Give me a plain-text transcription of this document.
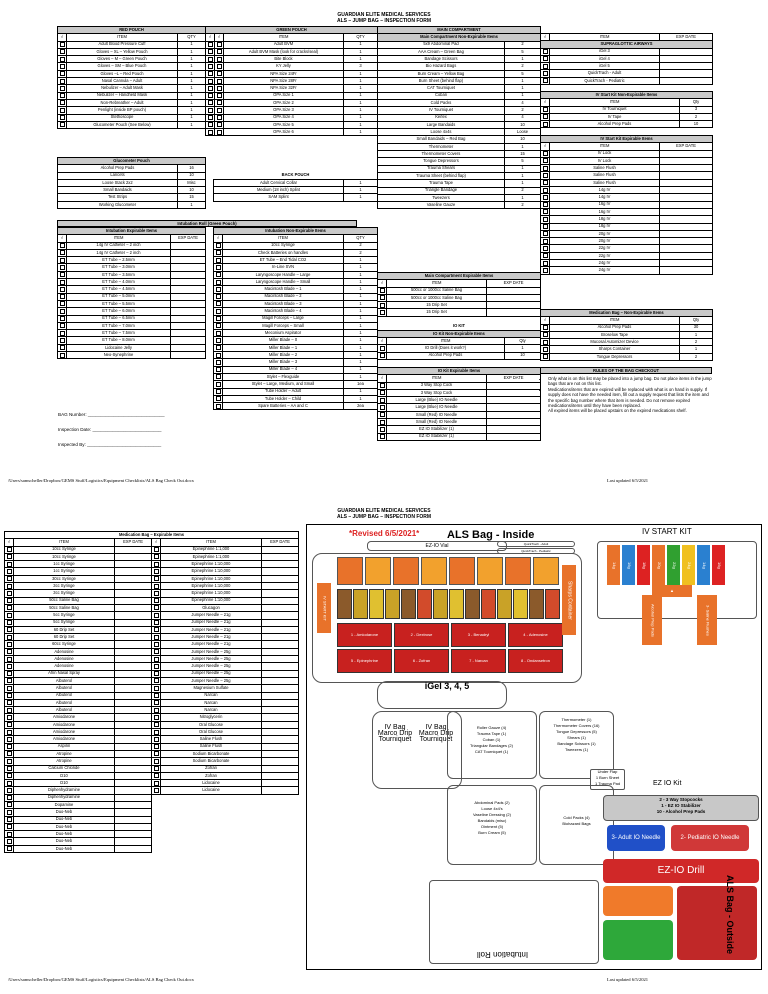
GUARDIAN ELITE MEDICAL SERVICES
ALS – JUMP BAG – INSPECTION FORM
RED POUCH		
√	ITEM	QTY
	Adult Blood Pressure Cuff	1
	Gloves – XL – Yellow Pouch	1
	Gloves – M – Green Pouch	1
	Gloves – SM – Blue Pouch	1
	Gloves –L – Red Pouch	1
	Nasal Cannula – Adult	1
	Nebulizer – Adult Mask	1
	Nebulizer – Handheld Mask	1
	Non-Rebreather – Adult	1
	Penlight (inside BP pouch)	1
	Stethoscope	1
	Glucometer Pouch (See Below)	1
Glucometer Pouch	
Alcohol Prep Pads	16
Lancets	10
Loose Stack 2x2	Misc
Small Bandaids	10
Test Strips	15
Working Glucometer	1
Intubation Roll (Green Pouch)
Intubation Expirable Items		
√	ITEM	EXP DATE
	14g IV Catheter – 2 inch	
	14g IV Catheter – 2 inch	
	ET Tube – 2.5mm	
	ET Tube – 3.0mm	
	ET Tube – 3.5mm	
	ET Tube – 4.0mm	
	ET Tube – 4.5mm	
	ET Tube – 5.0mm	
	ET Tube – 5.5mm	
	ET Tube – 6.0mm	
	ET Tube – 6.5mm	
	ET Tube – 7.0mm	
	ET Tube – 7.5mm	
	ET Tube – 8.0mm	
	Lidocaine Jelly	
	Neo-Synephrine	
BAG Number: ______________________________
Inspection Date: ___________________________
Inspected By: _____________________________
GREEN POUCH			
√	√	ITEM	QTY
		Adult BVM	1
		Adult BVM Mask (look for cracks/seal)	1
		Bite Block	1
		KY Jelly	3
		NPA Size 24Fr	1
		NPA Size 28Fr	1
		NPA Size 32Fr	1
		OPA Size 1	1
		OPA Size 2	1
		OPA Size 3	1
		OPA Size 4	1
		OPA Size 5	1
		OPA Size 6	1
BACK POUCH	
Adult Cervical Collar	1
Medium (18 inch) Splint	1
SAM Splint	1
Intubation Non-Expirable Items		
√	ITEM	QTY
	10cc Syringe	2
	Check Batteries on handles	2
	ET Tube – End Tidal CO2	1
	In-Line SVN	1
	Laryngoscope Handle – Large	1
	Laryngoscope Handle – Small	1
	Macintosh Blade – 1	1
	Macintosh Blade – 2	1
	Macintosh Blade – 3	1
	Macintosh Blade – 4	1
	Magill Forceps – Large	1
	Magill Forceps – Small	1
	Meconium Aspirator	1
	Miller Blade – 0	1
	Miller Blade – 1	1
	Miller Blade – 2	1
	Miller Blade – 3	1
	Miller Blade – 4	1
	Stylet – Flexguide	1
	Stylet – Large, Medium, and Small	1ea
	Tube Holder – Adult	1
	Tube Holder – Child	1
	Spare Batteries – AA and C	2ea
MAIN COMPARTMENT	
Main Compartment Non-Expirable Items	
5x9 Abdominal Pad	2
AAA Cream – Green Bag	5
Bandage Scissors	1
Bio Hazard Bags	2
Burn Cream – Yellow Bag	5
Burn Sheet (behind flap)	1
CAT Tourniquet	1
Coban	1
Cold Packs	4
IV Tourniquet	2
Kerlex	4
Large Bandaids	10
Loose 4x4s	Loose
Small Bandaids – Red Bag	10
Thermometer	1
Thermometer Covers	15
Tongue Depressors	5
Trauma Shears	1
Trauma Sheet (behind flap)	1
Trauma Tape	1
Triangle Bandage	2
Tweezers	1
Vaseline Gauze	2
Main Compartment Expirable Items		
√	ITEM	EXP DATE
	500cc or 1000cc Saline Bag	
	500cc or 1000cc Saline Bag	
	15 Drip Set	
	15 Drip Set	
IO KIT		
IO Kit Non-Expirable Items		
√	ITEM	Qty
	IO Drill (Does it work?)	1
	Alcohol Prep Pads	10
IO Kit Expirable Items		
√	ITEM	EXP DATE
	3 Way Stop Cock	
	3 Way Stop Cock	
	Large (Blue) IO Needle	
	Large (Blue) IO Needle	
	Small (Red) IO Needle	
	Small (Red) IO Needle	
	EZ IO Stabilizer (1)	
	EZ IO Stabilizer (1)	
√	ITEM	EXP DATE
SUPRAGLOTTIC AIRWAYS		
	iGel 3	
	iGel 4	
	iGel 5	
	QuickTrach - Adult	
	QuickTrach - Pediatric	
IV Start Kit Non-Expirable Items		
√	ITEM	Qty
	IV Tourniquet	3
	IV Tape	2
	Alcohol Prep Pads	10
IV Start Kit Expirable Items		
√	ITEM	EXP DATE
	IV Lock	
	IV Lock	
	Saline Flush	
	Saline Flush	
	Saline Flush	
	14g IV	
	14g IV	
	16g IV	
	16g IV	
	18g IV	
	18g IV	
	20g IV	
	20g IV	
	22g IV	
	22g IV	
	24g IV	
	24g IV	
Medication Bag – Non-Expirable Items		
√	ITEM	Qty
	Alcohol Prep Pads	30
	Broselow Tape	1
	Mucosal Automizer Device	2
	Sharps Container	1
	Tongue Depressors	2
RULES OF THE BAG CHECKOUT
• Only what is on this list may be placed into a jump bag. Do not place items in the jump bags that are not on this list.
• Medications/items that are expired will be replaced with what is on hand in supply. If supply does not have the needed item, fill out a supply request that lists the item and the specific bag number where that item is needed. Do not remove expired medications/items until they have been replaced.
• All expired items will be placed upstairs on the expired medications shelf.
/Users/samscheller/Dropbox/GEMS Stuff/Logistics/Equipment Checklists/ALS Bag Check Out.docx	Last updated 6/5/2021
GUARDIAN ELITE MEDICAL SERVICES
ALS – JUMP BAG – INSPECTION FORM
Medication Bag – Expirable Items					
√	ITEM	EXP DATE	√	ITEM	EXP DATE
	10cc Syringe			Epinephrine 1:1,000	
	10cc Syringe			Epinephrine 1:1,000	
	1cc Syringe			Epinephrine 1:10,000	
	1cc Syringe			Epinephrine 1:10,000	
	30cc Syringe			Epinephrine 1:10,000	
	3cc Syringe			Epinephrine 1:10,000	
	3cc Syringe			Epinephrine 1:10,000	
	50cc Saline Bag			Epinephrine 1:10,000	
	50cc Saline Bag			Glucagon	
	5cc Syringe			Jumper Needle – 21g	
	5cc Syringe			Jumper Needle – 21g	
	60 Drip Set			Jumper Needle – 21g	
	60 Drip Set			Jumper Needle – 21g	
	60cc Syringe			Jumper Needle – 21g	
	Adenosine			Jumper Needle – 25g	
	Adenosine			Jumper Needle – 25g	
	Adenosine			Jumper Needle – 25g	
	Afrin Nasal Spray			Jumper Needle – 25g	
	Albuterol			Jumper Needle – 25g	
	Albuterol			Magnesium Sulfate	
	Albuterol			Narcan	
	Albuterol			Narcan	
	Albuterol			Narcan	
	Amiodarone			Nitroglycerin	
	Amiodarone			Oral Glucose	
	Amiodarone			Oral Glucose	
	Amiodarone			Saline Flush	
	Aspirin			Saline Flush	
	Atropine			Sodium Bicarbonate	
	Atropine			Sodium Bicarbonate	
	Calcium Chloride			Zofran	
	D10			Zofran	
	D10			Lidocaine	
	Diphenhydramine			Lidocaine	
	Diphenhydramine				
	Dopamine				
	Duo-Neb				
	Duo-Neb				
	Duo-Neb				
	Duo-Neb				
	Duo-Neb				
	Duo-Neb				
/Users/samscheller/Dropbox/GEMS Stuff/Logistics/Equipment Checklists/ALS Bag Check Out.docx	Last updated 6/5/2021
*Revised 6/5/2021*	ALS Bag - Inside
EZ-IO Vial	QuickTrach - Adult
QuickTrach - Pediatric
IV START KIT
1 - Amiodarone	2 - Dextrose	3 - Benadryl	4 - Adenosine
5 - Epinephrine	6 - Zofran	7 - Narcan	8 - Ondansetron
Sharps Container
iGel 3, 4, 5
IV START KIT
14g	16g	18g	20g	22g	24g	14g	16g
▲
Alcohol Prep Pads	3- Saline Flushes
IV Bag Marco Drip Tourniquet
IV Bag Macro Drip Tourniquet
Roller Gauze (4)
Trauma Tape (1)
Coban (1)
Triangular Bandages (2)
CAT Tourniquet (1)
Thermometer (1)
Thermometer Covers (16)
Tongue Depressors (5)
Shears (1)
Bandage Scissors (1)
Tweezers (1)
Under Flap
1 Burn Sheet
1 Trauma Pad
Abdominal Pads (2)
Loose 4x4's
Vaseline Dressing (2)
Bandaids (misc)
Ointment (5)
Burn Cream (5)
Cold Packs (4)
Biohazard Bags
EZ IO Kit
2 - 3 Way Stopcocks
1 - EZ IO Stabilizer
10 - Alcohol Prep Pads
3- Adult IO Needle	2- Pediatric IO Needle
EZ-IO Drill
Intubation Roll
ALS Bag - Outside
